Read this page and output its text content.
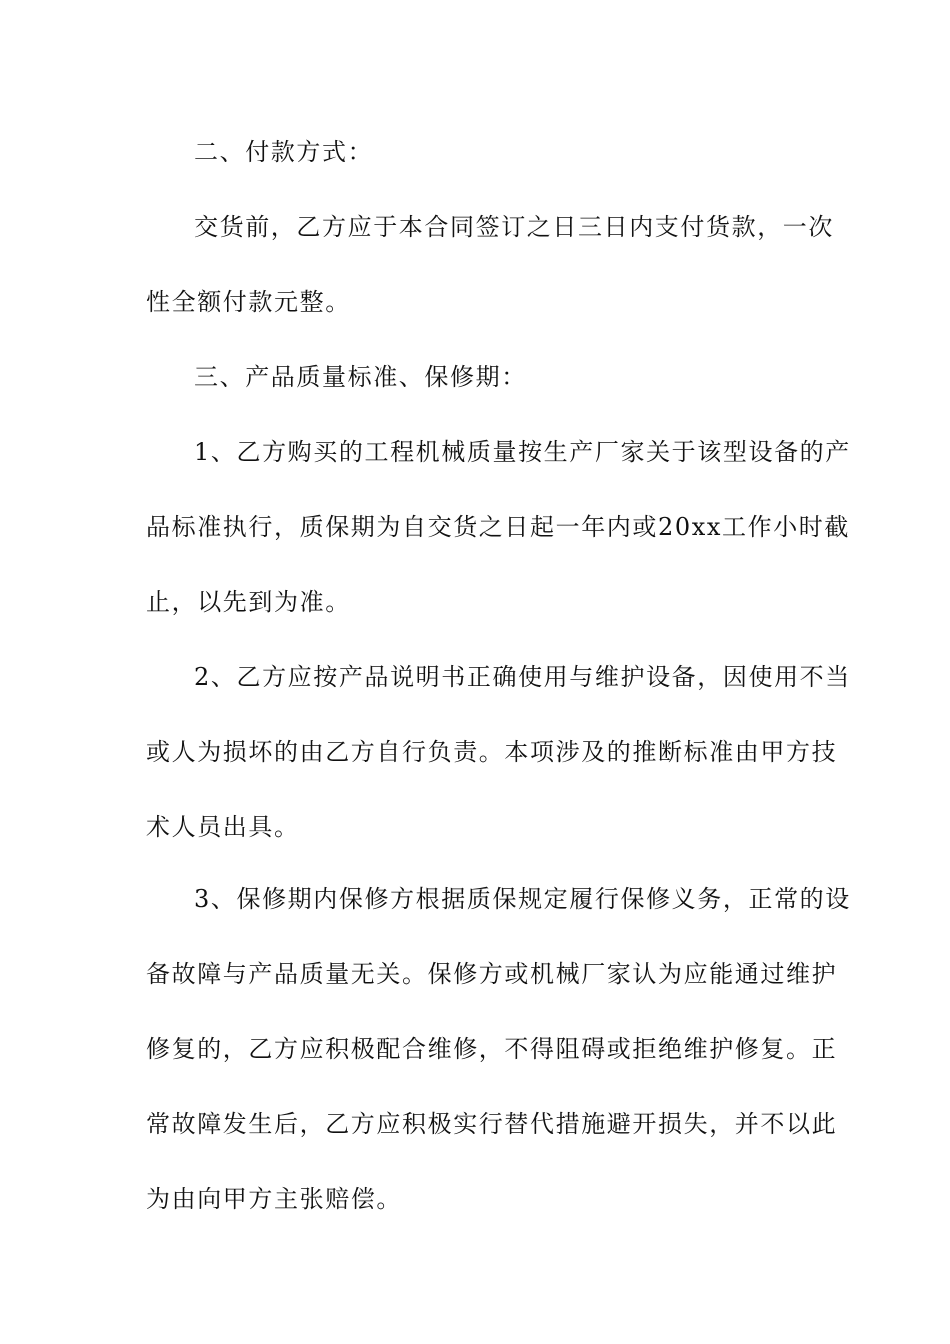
二、付款方式：
交货前，乙方应于本合同签订之日三日内支付货款，一次
性全额付款元整。
三、产品质量标准、保修期：
1、乙方购买的工程机械质量按生产厂家关于该型设备的产
品标准执行，质保期为自交货之日起一年内或20xx工作小时截
止，以先到为准。
2、乙方应按产品说明书正确使用与维护设备，因使用不当
或人为损坏的由乙方自行负责。本项涉及的推断标准由甲方技
术人员出具。
3、保修期内保修方根据质保规定履行保修义务，正常的设
备故障与产品质量无关。保修方或机械厂家认为应能通过维护
修复的，乙方应积极配合维修，不得阻碍或拒绝维护修复。正
常故障发生后，乙方应积极实行替代措施避开损失，并不以此
为由向甲方主张赔偿。
